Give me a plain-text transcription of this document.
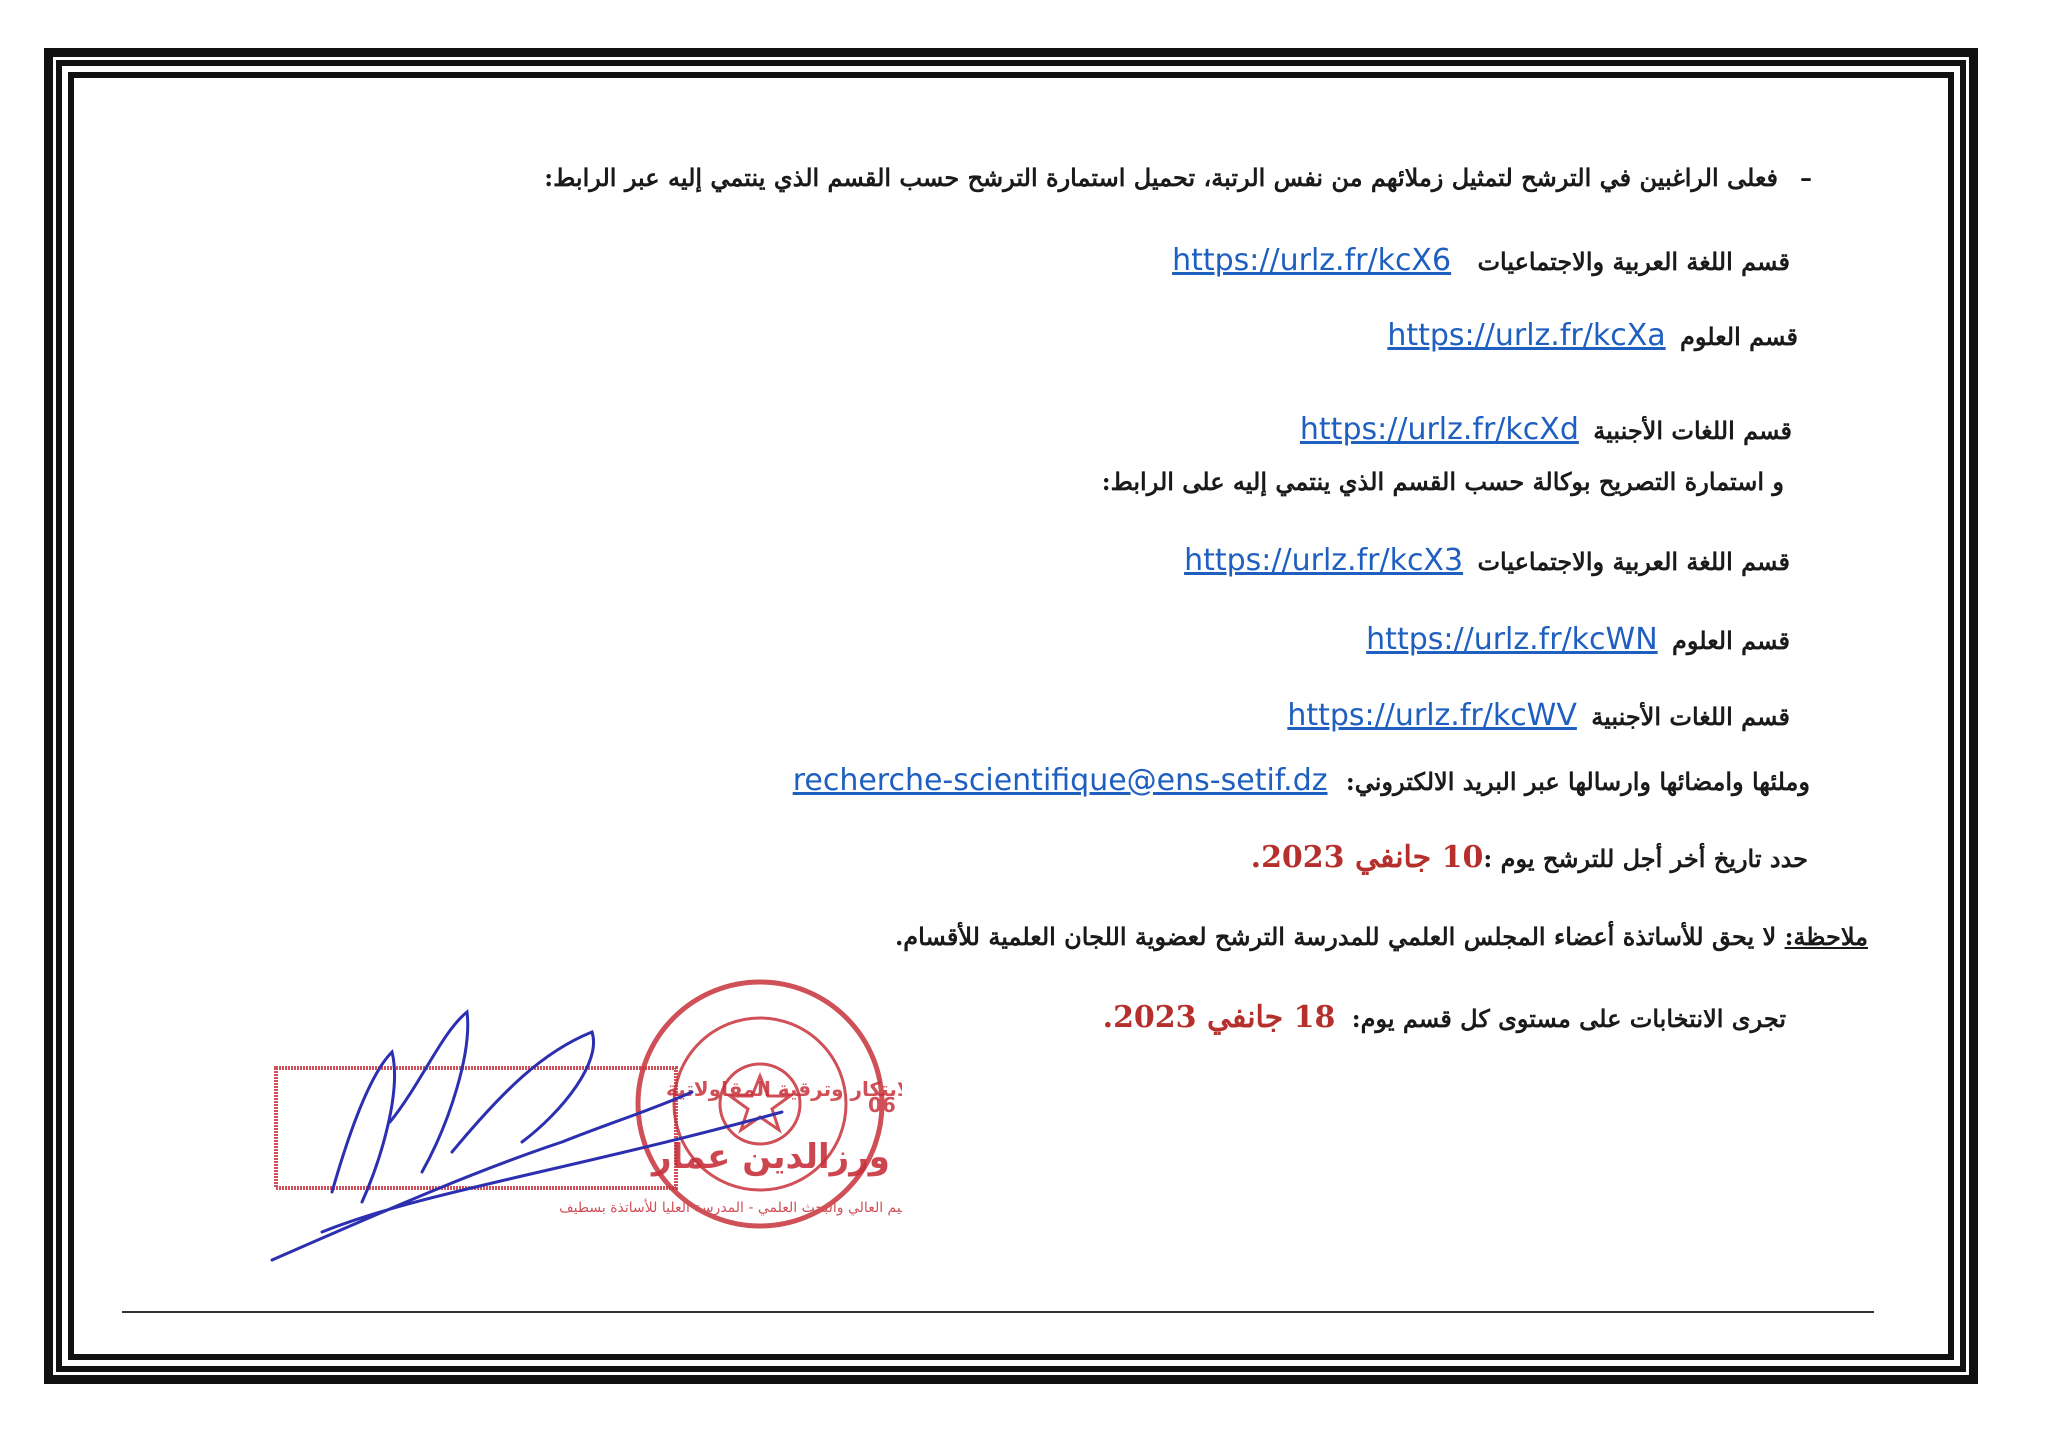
–فعلى الراغبين في الترشح لتمثيل زملائهم من نفس الرتبة، تحميل استمارة الترشح حسب القسم الذي ينتمي إليه عبر الرابط:
قسم اللغة العربية والاجتماعيات https://urlz.fr/kcX6
قسم العلوم https://urlz.fr/kcXa
قسم اللغات الأجنبية https://urlz.fr/kcXd
و استمارة التصريح بوكالة حسب القسم الذي ينتمي إليه على الرابط:
قسم اللغة العربية والاجتماعيات https://urlz.fr/kcX3
قسم العلوم https://urlz.fr/kcWN
قسم اللغات الأجنبية https://urlz.fr/kcWV
وملئها وامضائها وارسالها عبر البريد الالكتروني: recherche-scientifique@ens-setif.dz
حدد تاريخ أخر أجل للترشح يوم :10 جانفي 2023.
ملاحظة: لا يحق للأساتذة أعضاء المجلس العلمي للمدرسة الترشح لعضوية اللجان العلمية للأقسام.
تجرى الانتخابات على مستوى كل قسم يوم: 18 جانفي 2023.
ابتكار وترقية المقاولاتية
ورزالدين عمار
06
يم العالي والبحث العلمي - المدرسة العليا للأساتذة بسطيف
